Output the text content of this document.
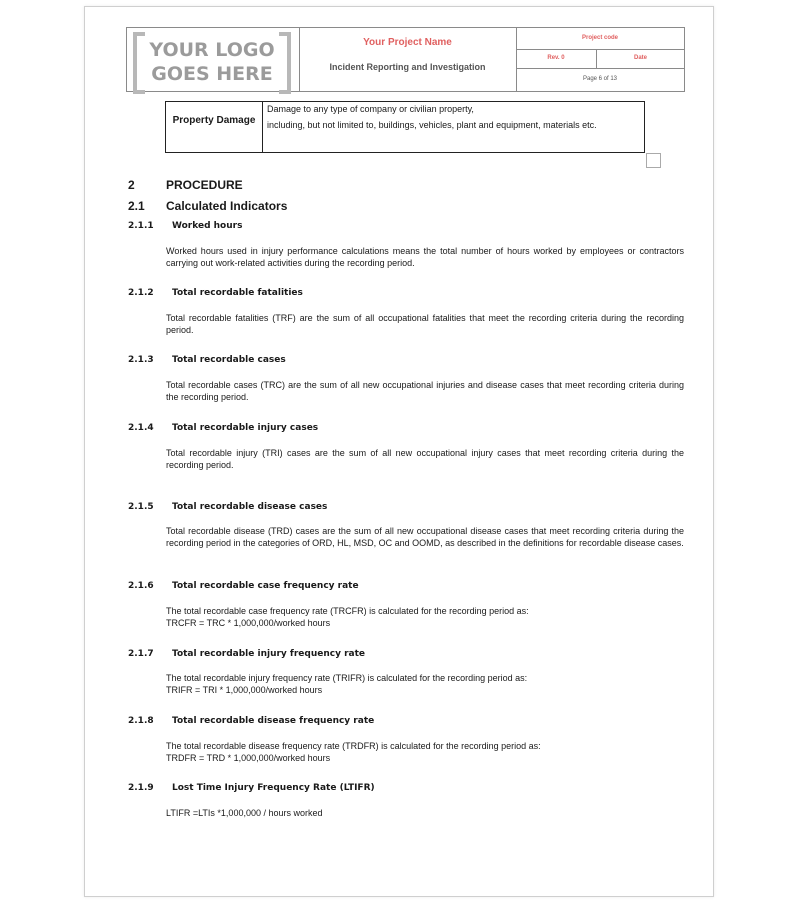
YOUR LOGO
GOES HERE
Your Project Name
Incident Reporting and Investigation
Project code
Rev. 0	Date
Page 6 of 13
Property Damage
Damage to any type of company or civilian property,
including, but not limited to, buildings, vehicles, plant and equipment, materials etc.
2	PROCEDURE
2.1 Calculated Indicators
2.1.1 Worked hours
Worked hours used in injury performance calculations means the total number of hours worked by employees or contractors carrying out work-related activities during the recording period.
2.1.2 Total recordable fatalities
Total recordable fatalities (TRF) are the sum of all occupational fatalities that meet the recording criteria during the recording period.
2.1.3 Total recordable cases
Total recordable cases (TRC) are the sum of all new occupational injuries and disease cases that meet recording criteria during the recording period.
2.1.4 Total recordable injury cases
Total recordable injury (TRI) cases are the sum of all new occupational injury cases that meet recording criteria during the recording period.
2.1.5 Total recordable disease cases
Total recordable disease (TRD) cases are the sum of all new occupational disease cases that meet recording criteria during the recording period in the categories of ORD, HL, MSD, OC and OOMD, as described in the definitions for recordable disease cases.
2.1.6 Total recordable case frequency rate
The total recordable case frequency rate (TRCFR) is calculated for the recording period as:
TRCFR = TRC * 1,000,000/worked hours
2.1.7 Total recordable injury frequency rate
The total recordable injury frequency rate (TRIFR) is calculated for the recording period as:
TRIFR = TRI * 1,000,000/worked hours
2.1.8 Total recordable disease frequency rate
The total recordable disease frequency rate (TRDFR) is calculated for the recording period as:
TRDFR = TRD * 1,000,000/worked hours
2.1.9 Lost Time Injury Frequency Rate (LTIFR)
LTIFR =LTIs *1,000,000 / hours worked
